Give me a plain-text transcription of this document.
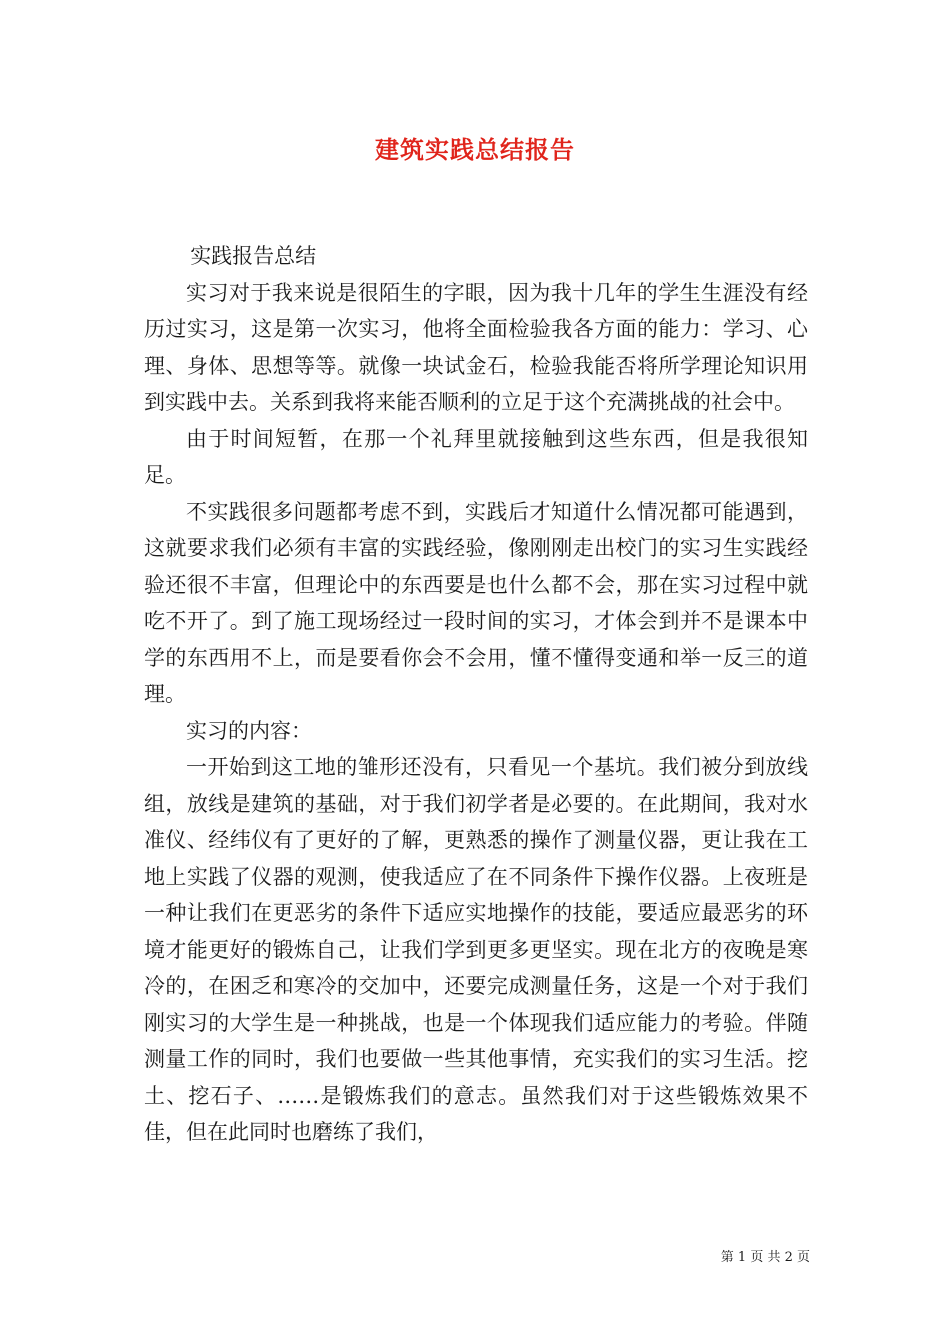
建筑实践总结报告

实践报告总结

实习对于我来说是很陌生的字眼，因为我十几年的学生生涯没有经历过实习，这是第一次实习，他将全面检验我各方面的能力：学习、心理、身体、思想等等。就像一块试金石，检验我能否将所学理论知识用到实践中去。关系到我将来能否顺利的立足于这个充满挑战的社会中。

由于时间短暂，在那一个礼拜里就接触到这些东西，但是我很知足。

不实践很多问题都考虑不到，实践后才知道什么情况都可能遇到，这就要求我们必须有丰富的实践经验，像刚刚走出校门的实习生实践经验还很不丰富，但理论中的东西要是也什么都不会，那在实习过程中就吃不开了。到了施工现场经过一段时间的实习，才体会到并不是课本中学的东西用不上，而是要看你会不会用，懂不懂得变通和举一反三的道理。

实习的内容：

一开始到这工地的雏形还没有，只看见一个基坑。我们被分到放线组，放线是建筑的基础，对于我们初学者是必要的。在此期间，我对水准仪、经纬仪有了更好的了解，更熟悉的操作了测量仪器，更让我在工地上实践了仪器的观测，使我适应了在不同条件下操作仪器。上夜班是一种让我们在更恶劣的条件下适应实地操作的技能，要适应最恶劣的环境才能更好的锻炼自己，让我们学到更多更坚实。现在北方的夜晚是寒冷的，在困乏和寒冷的交加中，还要完成测量任务，这是一个对于我们刚实习的大学生是一种挑战，也是一个体现我们适应能力的考验。伴随测量工作的同时，我们也要做一些其他事情，充实我们的实习生活。挖土、挖石子、……是锻炼我们的意志。虽然我们对于这些锻炼效果不佳，但在此同时也磨练了我们，

第 1 页 共 2 页
